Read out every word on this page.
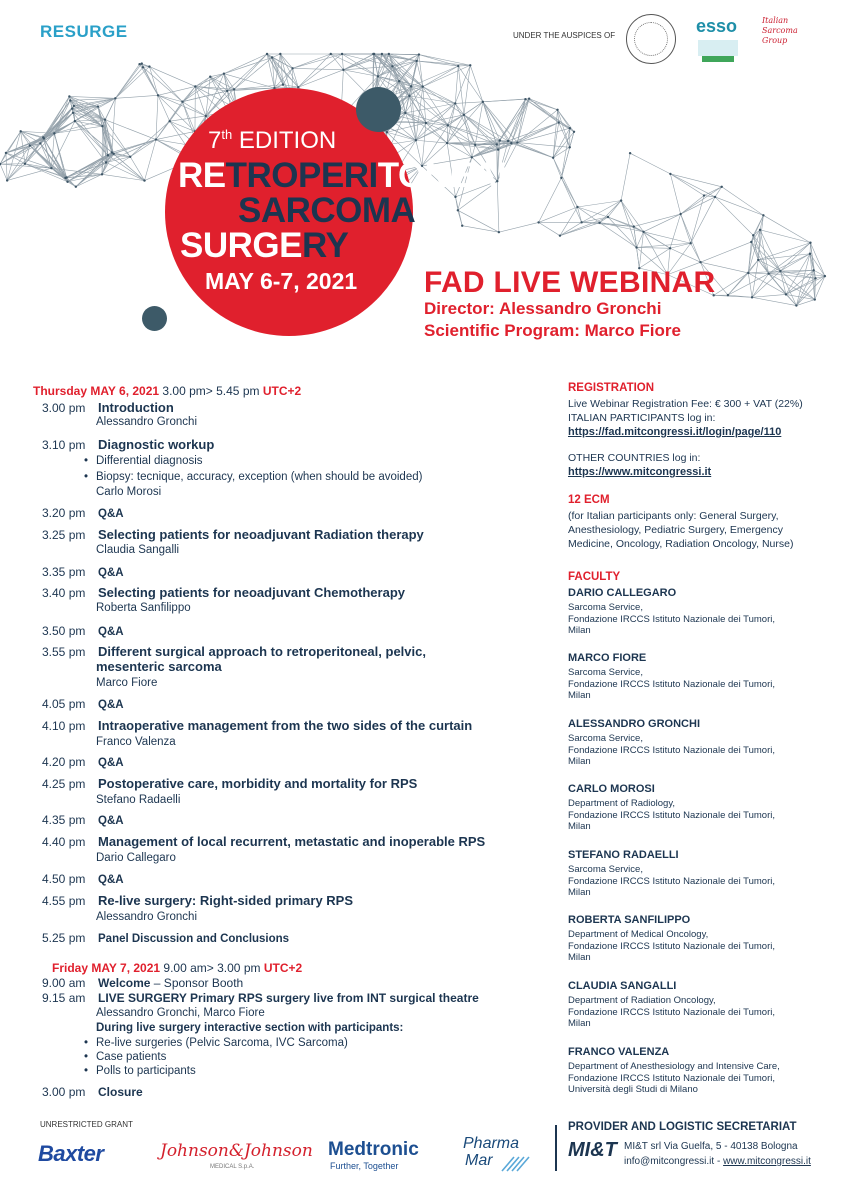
RESURGE	UNDER THE AUSPICES OF	esso	Italian Sarcoma Group
7th EDITION
RETROPERITONEAL
SARCOMA
SURGERY
MAY 6-7, 2021 FAD LIVE WEBINAR
Director: Alessandro Gronchi
Scientific Program: Marco Fiore
Thursday MAY 6, 2021 3.00 pm> 5.45 pm UTC+2
3.00 pm Introduction
Alessandro Gronchi
3.10 pm Diagnostic workup
• Differential diagnosis
• Biopsy: tecnique, accuracy, exception (when should be avoided)
Carlo Morosi
3.20 pm Q&A
3.25 pm Selecting patients for neoadjuvant Radiation therapy
Claudia Sangalli
3.35 pm Q&A
3.40 pm Selecting patients for neoadjuvant Chemotherapy
Roberta Sanfilippo
3.50 pm Q&A
3.55 pm Different surgical approach to retroperitoneal, pelvic,
mesenteric sarcoma
Marco Fiore
4.05 pm Q&A
4.10 pm Intraoperative management from the two sides of the curtain
Franco Valenza
4.20 pm Q&A
4.25 pm Postoperative care, morbidity and mortality for RPS
Stefano Radaelli
4.35 pm Q&A
4.40 pm Management of local recurrent, metastatic and inoperable RPS
Dario Callegaro
4.50 pm Q&A
4.55 pm Re-live surgery: Right-sided primary RPS
Alessandro Gronchi
5.25 pm Panel Discussion and Conclusions
Friday MAY 7, 2021 9.00 am> 3.00 pm UTC+2
9.00 am Welcome – Sponsor Booth
9.15 am LIVE SURGERY Primary RPS surgery live from INT surgical theatre
Alessandro Gronchi, Marco Fiore
During live surgery interactive section with participants:
• Re-live surgeries (Pelvic Sarcoma, IVC Sarcoma)
• Case patients
• Polls to participants
3.00 pm Closure
REGISTRATION
Live Webinar Registration Fee: € 300 + VAT (22%)
ITALIAN PARTICIPANTS log in:
https://fad.mitcongressi.it/login/page/110
OTHER COUNTRIES log in:
https://www.mitcongressi.it
12 ECM
(for Italian participants only: General Surgery,
Anesthesiology, Pediatric Surgery, Emergency
Medicine, Oncology, Radiation Oncology, Nurse)
FACULTY
DARIO CALLEGARO
Sarcoma Service,
Fondazione IRCCS Istituto Nazionale dei Tumori,
Milan
MARCO FIORE
Sarcoma Service,
Fondazione IRCCS Istituto Nazionale dei Tumori,
Milan
ALESSANDRO GRONCHI
Sarcoma Service,
Fondazione IRCCS Istituto Nazionale dei Tumori,
Milan
CARLO MOROSI
Department of Radiology,
Fondazione IRCCS Istituto Nazionale dei Tumori,
Milan
STEFANO RADAELLI
Sarcoma Service,
Fondazione IRCCS Istituto Nazionale dei Tumori,
Milan
ROBERTA SANFILIPPO
Department of Medical Oncology,
Fondazione IRCCS Istituto Nazionale dei Tumori,
Milan
CLAUDIA SANGALLI
Department of Radiation Oncology,
Fondazione IRCCS Istituto Nazionale dei Tumori,
Milan
FRANCO VALENZA
Department of Anesthesiology and Intensive Care,
Fondazione IRCCS Istituto Nazionale dei Tumori,
Università degli Studi di Milano
UNRESTRICTED GRANT
Baxter	Johnson&Johnson
MEDICAL S.p.A.
Medtronic
Further, Together
Pharma
Mar
PROVIDER AND LOGISTIC SECRETARIAT
MI&T MI&T srl Via Guelfa, 5 - 40138 Bologna
info@mitcongressi.it - www.mitcongressi.it
